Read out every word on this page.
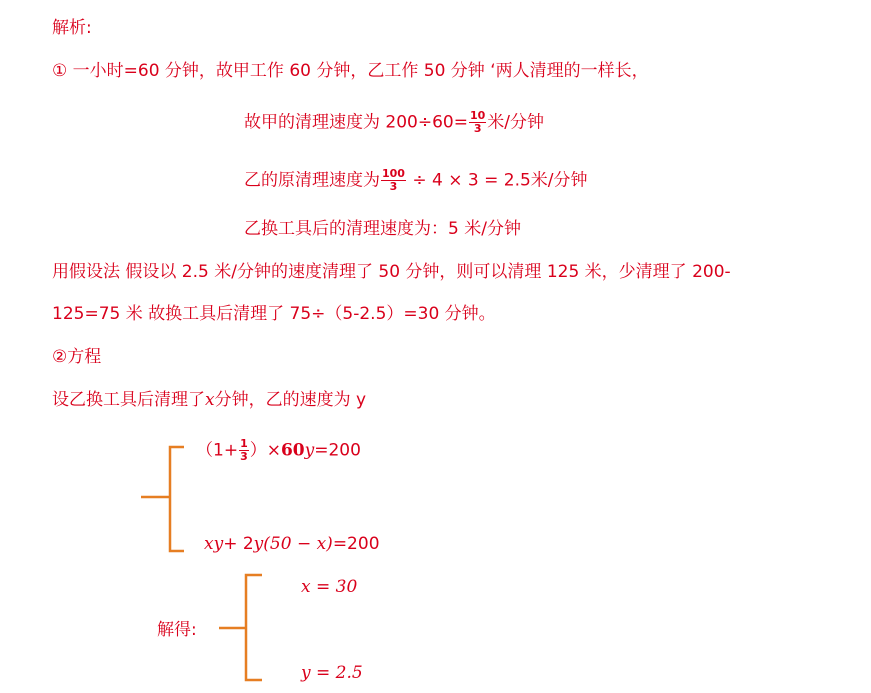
解析:
① 一小时=60 分钟，故甲工作 60 分钟，乙工作 50 分钟 ‘两人清理的一样长，
故甲的清理速度为 $200\div 60= \frac{10}{3}$ 米/分钟
乙的原清理速度为 $\frac{100}{3} \div 4 \times 3 = 2.5$米/分钟
乙换工具后的清理速度为：5 米/分钟
用假设法 假设以 2.5 米/分钟的速度清理了 50 分钟，则可以清理 125 米，少清理了 200-
125=75 米 故换工具后清理了 75÷（5-2.5）=30 分钟。
②方程
设乙换工具后清理了x分钟，乙的速度为 y
$(1+ \frac{1}{3} )\times 60y=200$
xy+ 2y(50 − x)=200
解得:
x = 30
y = 2.5
